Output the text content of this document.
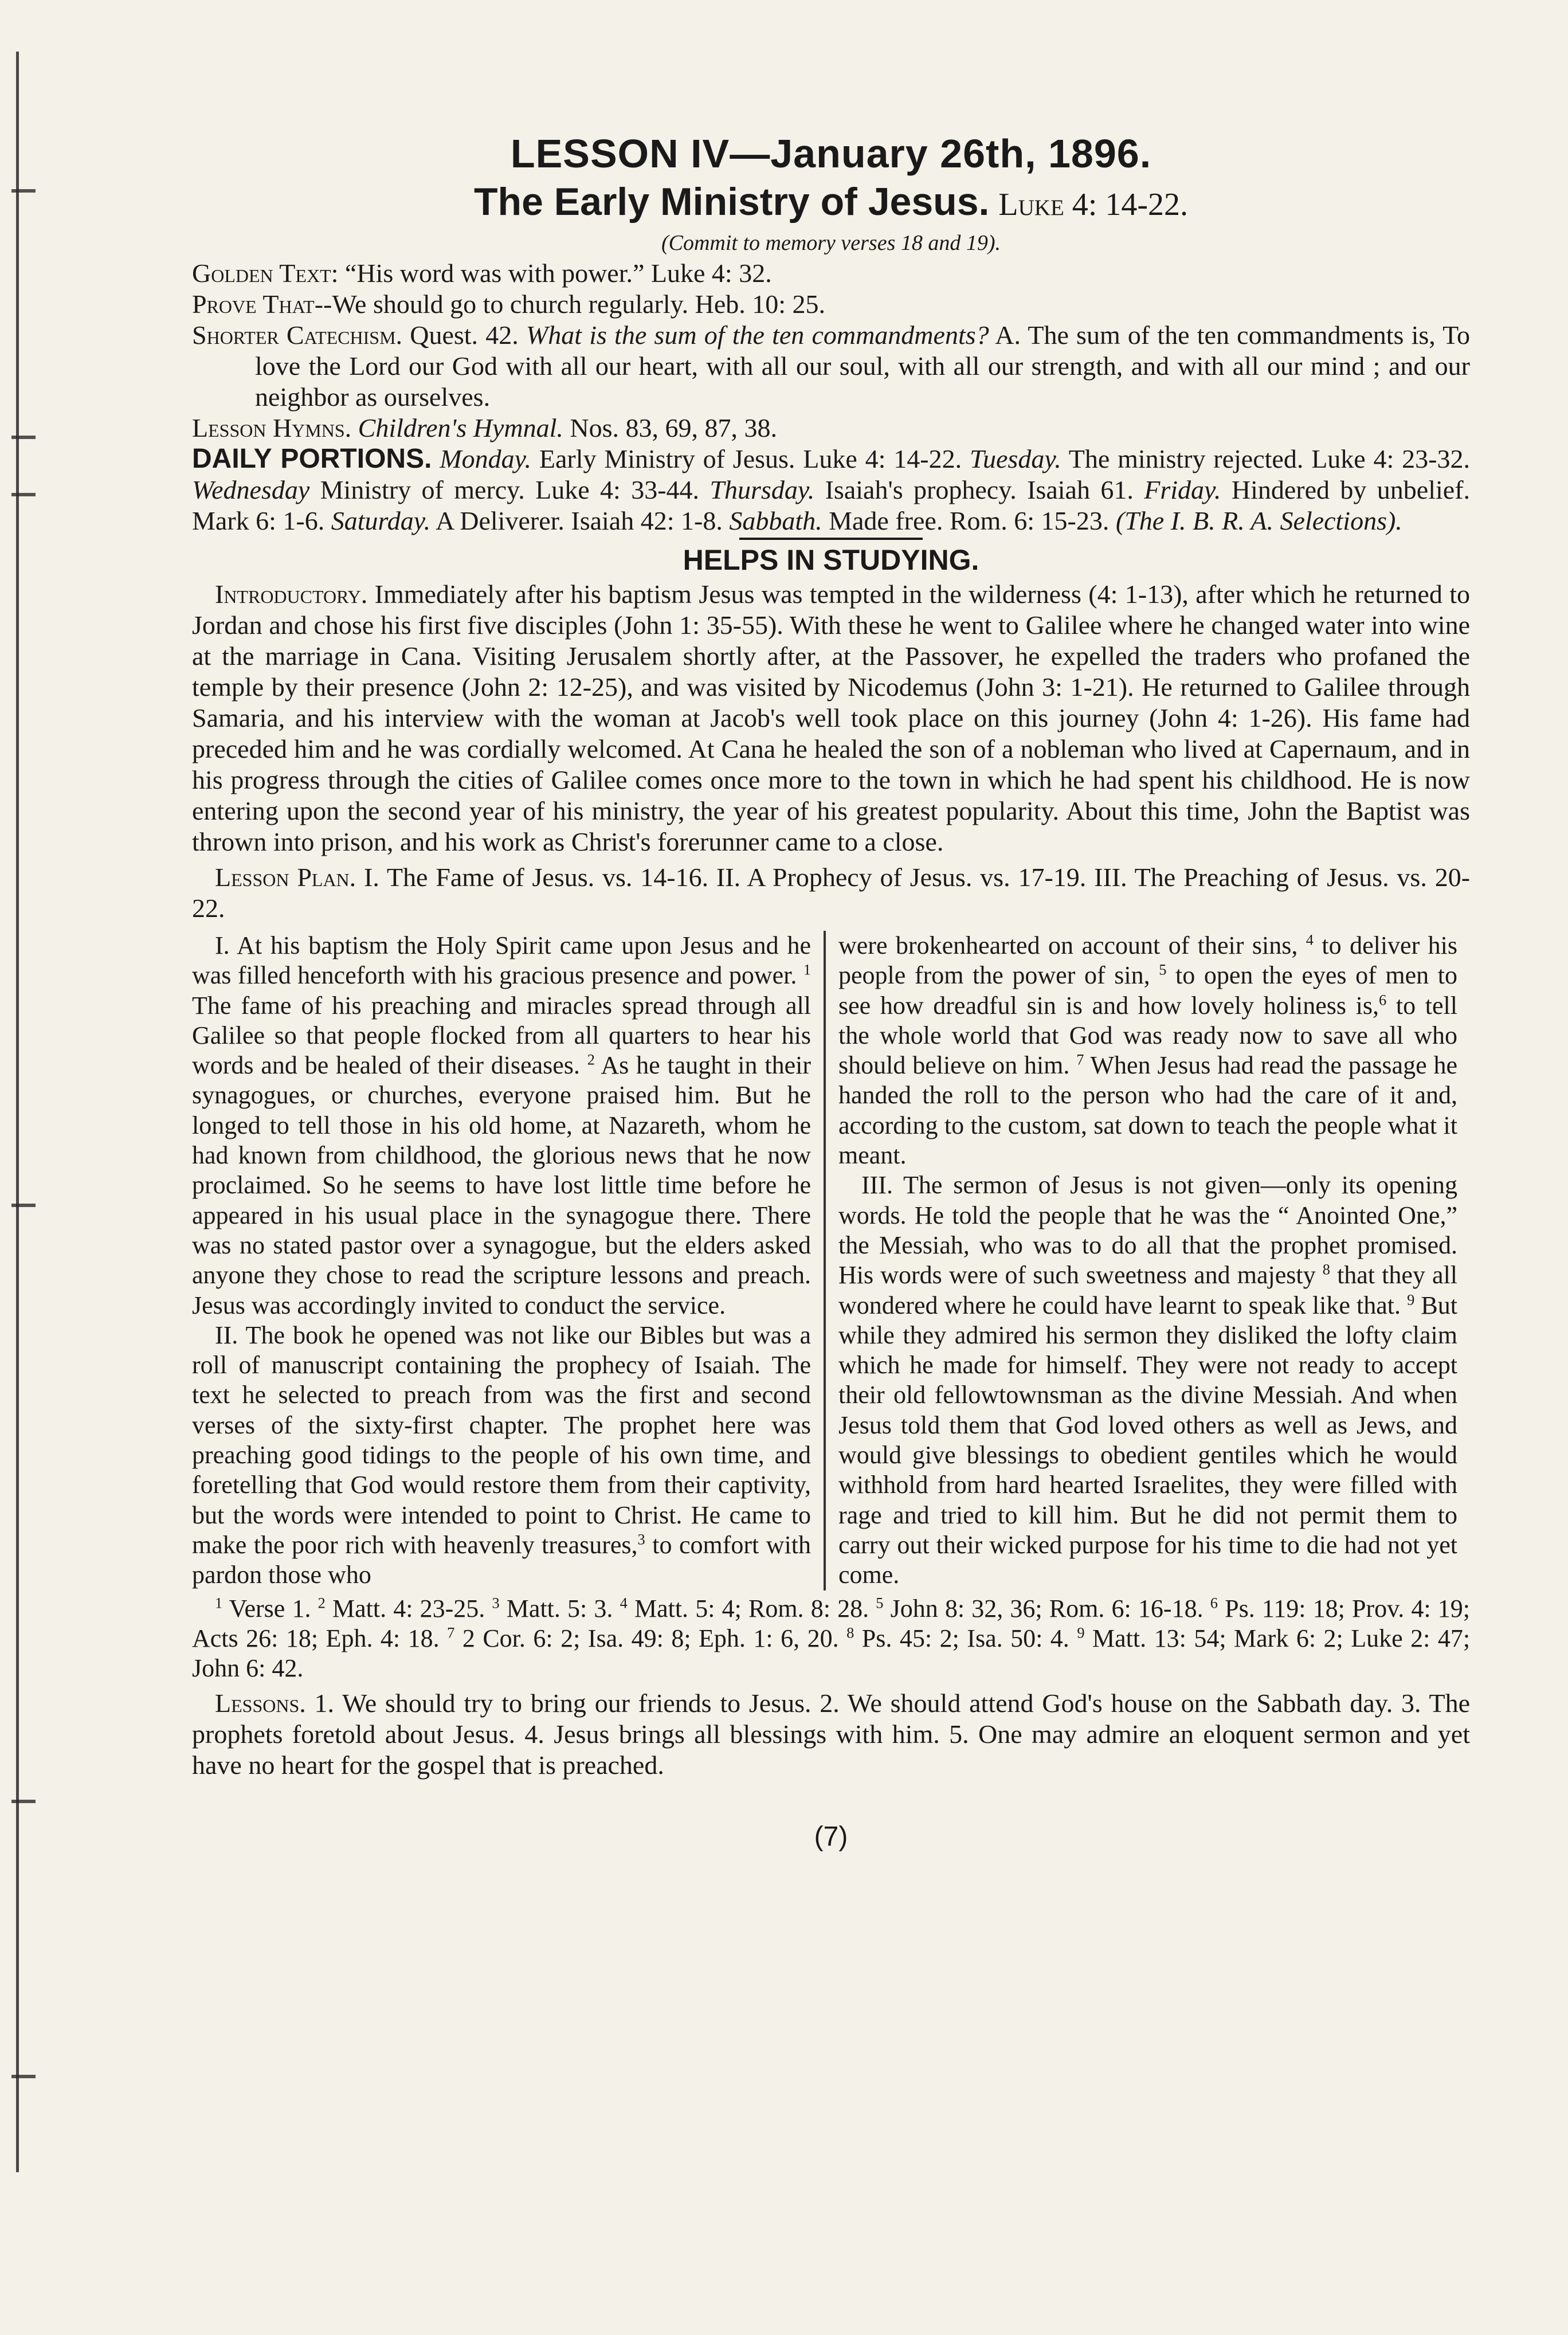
LESSON IV—January 26th, 1896.
The Early Ministry of Jesus. Luke 4: 14-22.
(Commit to memory verses 18 and 19).

Golden Text: “His word was with power.” Luke 4: 32.

Prove That--We should go to church regularly. Heb. 10: 25.

Shorter Catechism. Quest. 42. What is the sum of the ten commandments? A. The sum of the ten commandments is, To love the Lord our God with all our heart, with all our soul, with all our strength, and with all our mind ; and our neighbor as ourselves.

Lesson Hymns. Children's Hymnal. Nos. 83, 69, 87, 38.

DAILY PORTIONS. Monday. Early Ministry of Jesus. Luke 4: 14-22. Tuesday. The ministry rejected. Luke 4: 23-32. Wednesday Ministry of mercy. Luke 4: 33-44. Thursday. Isaiah's prophecy. Isaiah 61. Friday. Hindered by unbelief. Mark 6: 1-6. Saturday. A Deliverer. Isaiah 42: 1-8. Sabbath. Made free. Rom. 6: 15-23. (The I. B. R. A. Selections).

HELPS IN STUDYING.

Introductory. Immediately after his baptism Jesus was tempted in the wilderness (4: 1-13), after which he returned to Jordan and chose his first five disciples (John 1: 35-55). With these he went to Galilee where he changed water into wine at the marriage in Cana. Visiting Jerusalem shortly after, at the Passover, he expelled the traders who profaned the temple by their presence (John 2: 12-25), and was visited by Nicodemus (John 3: 1-21). He returned to Galilee through Samaria, and his interview with the woman at Jacob's well took place on this journey (John 4: 1-26). His fame had preceded him and he was cordially welcomed. At Cana he healed the son of a nobleman who lived at Capernaum, and in his progress through the cities of Galilee comes once more to the town in which he had spent his childhood. He is now entering upon the second year of his ministry, the year of his greatest popularity. About this time, John the Baptist was thrown into prison, and his work as Christ's forerunner came to a close.

Lesson Plan. I. The Fame of Jesus. vs. 14-16. II. A Prophecy of Jesus. vs. 17-19. III. The Preaching of Jesus. vs. 20-22.

I. At his baptism the Holy Spirit came upon Jesus and he was filled henceforth with his gracious presence and power. $^1$ The fame of his preaching and miracles spread through all Galilee so that people flocked from all quarters to hear his words and be healed of their diseases. $^2$ As he taught in their synagogues, or churches, everyone praised him. But he longed to tell those in his old home, at Nazareth, whom he had known from childhood, the glorious news that he now proclaimed. So he seems to have lost little time before he appeared in his usual place in the synagogue there. There was no stated pastor over a synagogue, but the elders asked anyone they chose to read the scripture lessons and preach. Jesus was accordingly invited to conduct the service.

II. The book he opened was not like our Bibles but was a roll of manuscript containing the prophecy of Isaiah. The text he selected to preach from was the first and second verses of the sixty-first chapter. The prophet here was preaching good tidings to the people of his own time, and foretelling that God would restore them from their captivity, but the words were intended to point to Christ. He came to make the poor rich with heavenly treasures,$^3$ to comfort with pardon those who

were brokenhearted on account of their sins, $^4$ to deliver his people from the power of sin, $^5$ to open the eyes of men to see how dreadful sin is and how lovely holiness is,$^6$ to tell the whole world that God was ready now to save all who should believe on him. $^7$ When Jesus had read the passage he handed the roll to the person who had the care of it and, according to the custom, sat down to teach the people what it meant.

III. The sermon of Jesus is not given—only its opening words. He told the people that he was the “ Anointed One,” the Messiah, who was to do all that the prophet promised. His words were of such sweetness and majesty $^8$ that they all wondered where he could have learnt to speak like that. $^9$ But while they admired his sermon they disliked the lofty claim which he made for himself. They were not ready to accept their old fellowtownsman as the divine Messiah. And when Jesus told them that God loved others as well as Jews, and would give blessings to obedient gentiles which he would withhold from hard hearted Israelites, they were filled with rage and tried to kill him. But he did not permit them to carry out their wicked purpose for his time to die had not yet come.

$^1$ Verse 1. $^2$ Matt. 4: 23-25. $^3$ Matt. 5: 3. $^4$ Matt. 5: 4; Rom. 8: 28. $^5$ John 8: 32, 36; Rom. 6: 16-18. $^6$ Ps. 119: 18; Prov. 4: 19; Acts 26: 18; Eph. 4: 18. $^7$ 2 Cor. 6: 2; Isa. 49: 8; Eph. 1: 6, 20. $^8$ Ps. 45: 2; Isa. 50: 4. $^9$ Matt. 13: 54; Mark 6: 2; Luke 2: 47; John 6: 42.

Lessons. 1. We should try to bring our friends to Jesus. 2. We should attend God's house on the Sabbath day. 3. The prophets foretold about Jesus. 4. Jesus brings all blessings with him. 5. One may admire an eloquent sermon and yet have no heart for the gospel that is preached.

(7)
